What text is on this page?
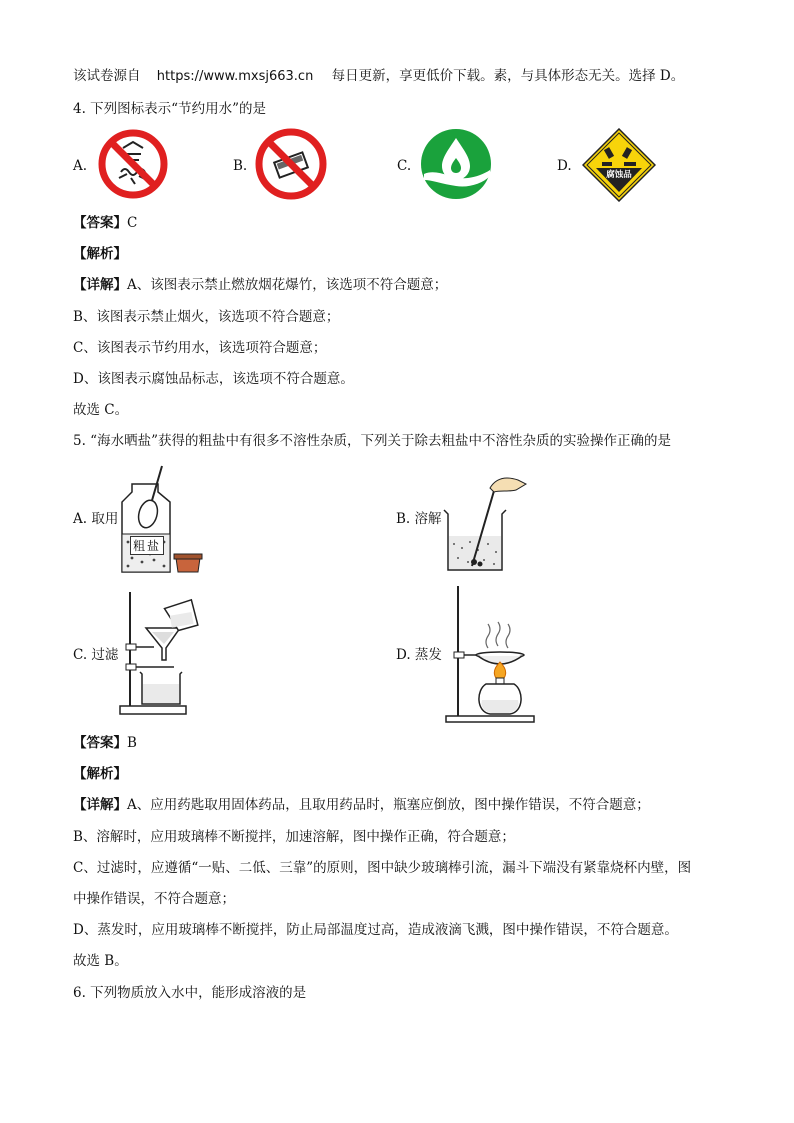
该试卷源自 https://www.mxsj663.cn 每日更新，享更低价下载。素，与具体形态无关。选择 D。
4. 下列图标表示“节约用水”的是
A.	B.	C.	D.
腐蚀品
【答案】C
【解析】
【详解】A、该图表示禁止燃放烟花爆竹，该选项不符合题意；
B、该图表示禁止烟火，该选项不符合题意；
C、该图表示节约用水，该选项符合题意；
D、该图表示腐蚀品标志，该选项不符合题意。
故选 C。
5. “海水晒盐”获得的粗盐中有很多不溶性杂质，下列关于除去粗盐中不溶性杂质的实验操作正确的是
A. 取用
粗盐
B. 溶解
C. 过滤	D. 蒸发
【答案】B
【解析】
【详解】A、应用药匙取用固体药品，且取用药品时，瓶塞应倒放，图中操作错误，不符合题意；
B、溶解时，应用玻璃棒不断搅拌，加速溶解，图中操作正确，符合题意；
C、过滤时，应遵循“一贴、二低、三靠”的原则，图中缺少玻璃棒引流，漏斗下端没有紧靠烧杯内壁，图
中操作错误，不符合题意；
D、蒸发时，应用玻璃棒不断搅拌，防止局部温度过高，造成液滴飞溅，图中操作错误，不符合题意。
故选 B。
6. 下列物质放入水中，能形成溶液的是
